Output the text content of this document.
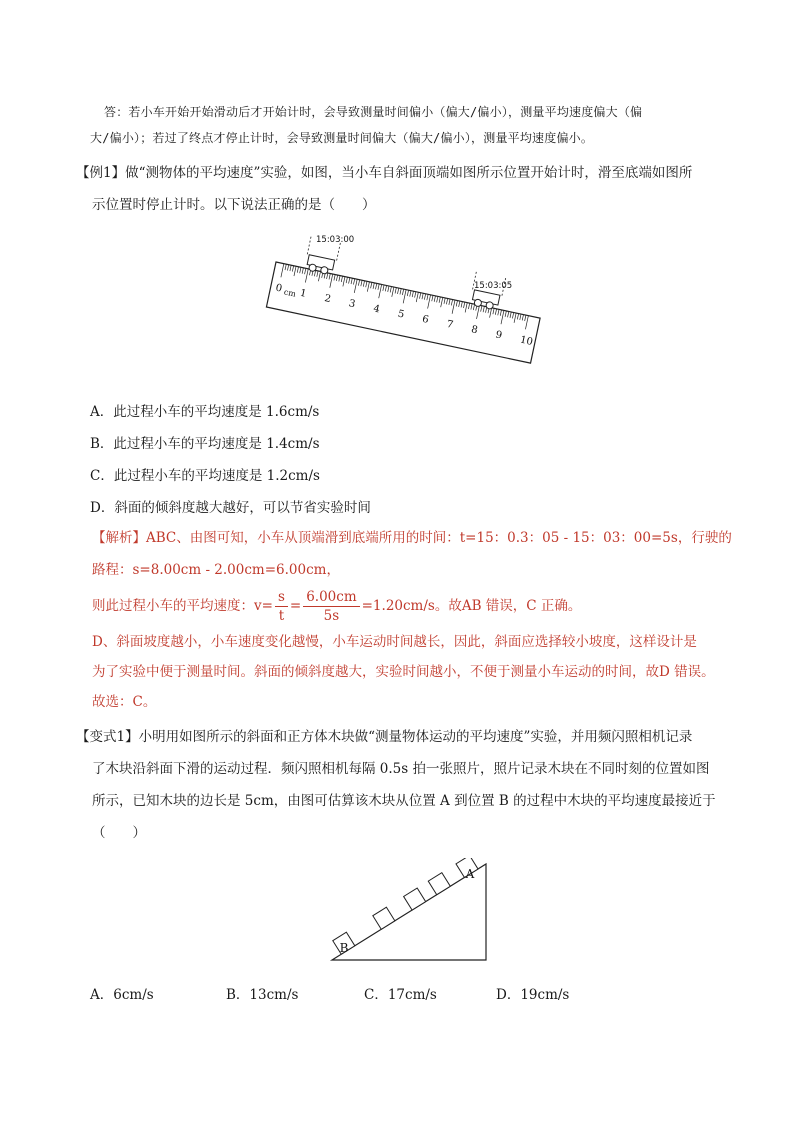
答：若小车开始开始滑动后才开始计时，会导致测量时间偏小（偏大/偏小），测量平均速度偏大（偏
大/偏小）；若过了终点才停止计时，会导致测量时间偏大（偏大/偏小），测量平均速度偏小。
【例1】做“测物体的平均速度”实验，如图，当小车自斜面顶端如图所示位置开始计时，滑至底端如图所
示位置时停止计时。以下说法正确的是（　　）
0 1 2 3 4 5 6 7 8 9 10
cm
15:03:00
15:03:05
A．此过程小车的平均速度是 1.6cm/s
B．此过程小车的平均速度是 1.4cm/s
C．此过程小车的平均速度是 1.2cm/s
D．斜面的倾斜度越大越好，可以节省实验时间
【解析】ABC、由图可知，小车从顶端滑到底端所用的时间：t=15：0.3：05 - 15：03：00=5s，行驶的
路程：s=8.00cm - 2.00cm=6.00cm，
则此过程小车的平均速度：$v= \frac{s}{t} = \frac{6.00cm}{5s} =1.20cm/s$。故AB 错误，C 正确。
D、斜面坡度越小，小车速度变化越慢，小车运动时间越长，因此，斜面应选择较小坡度，这样设计是
为了实验中便于测量时间。斜面的倾斜度越大，实验时间越小，不便于测量小车运动的时间，故D 错误。
故选：C。
【变式1】小明用如图所示的斜面和正方体木块做“测量物体运动的平均速度”实验，并用频闪照相机记录
了木块沿斜面下滑的运动过程．频闪照相机每隔 0.5s 拍一张照片，照片记录木块在不同时刻的位置如图
所示，已知木块的边长是 5cm，由图可估算该木块从位置 A 到位置 B 的过程中木块的平均速度最接近于
（　　）
B
A
A．6cm/s	B．13cm/s	C．17cm/s	D．19cm/s
